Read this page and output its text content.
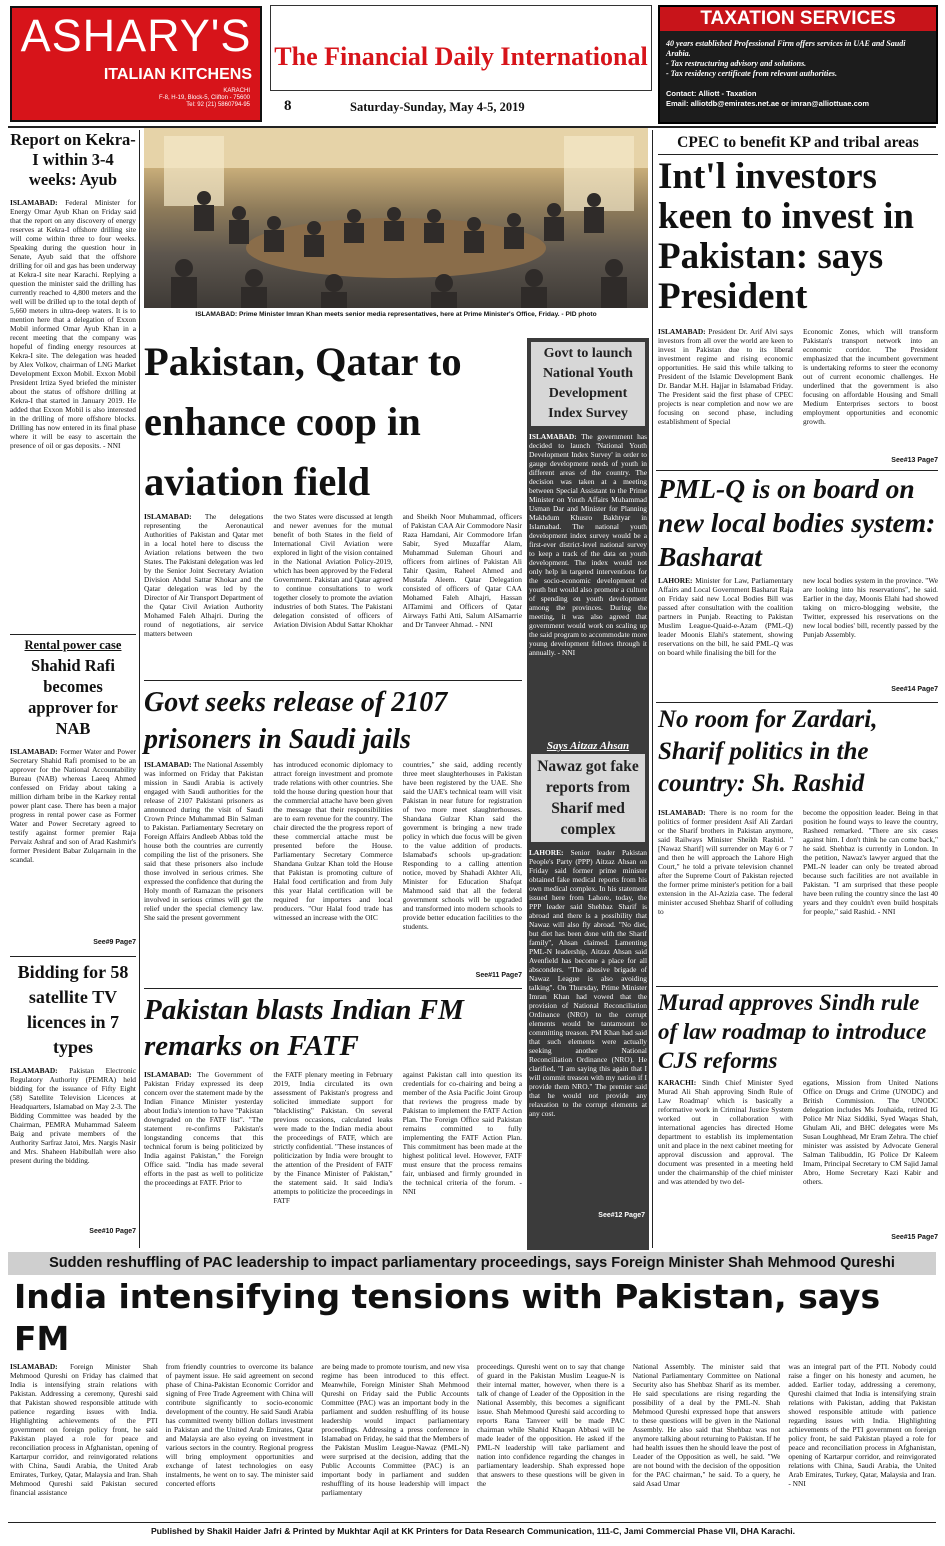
ASHARY'S
ITALIAN KITCHENS
KARACHI
F-8, H-19, Block-5, Clifton - 75600
Tel: 92 (21) 5860794-95
The Financial Daily International
8	Saturday-Sunday, May 4-5, 2019
TAXATION SERVICES
40 years established Professional Firm offers services in UAE and Saudi Arabia.
- Tax restructuring advisory and solutions.
- Tax residency certificate from relevant authorities.
Contact: Alliott - Taxation
Email: alliotdb@emirates.net.ae or imran@alliottuae.com
Report on Kekra-I within 3-4 weeks: Ayub
ISLAMABAD: Federal Minister for Energy Omar Ayub Khan on Friday said that the report on any discovery of energy reserves at Kekra-I offshore drilling site will come within three to four weeks. Speaking during the question hour in Senate, Ayub said that the offshore drilling for oil and gas has been underway at Kekra-I site near Karachi. Replying a question the minister said the drilling has currently reached to 4,800 meters and the well will be drilled up to the total depth of 5,660 meters in ultra-deep waters. It is to mention here that a delegation of Exxon Mobil informed Omar Ayub Khan in a recent meeting that the company was hopeful of finding energy resources at Kekra-I site. The delegation was headed by Alex Volkov, chairman of LNG Market Development Exxon Mobil. Exxon Mobil President Irtiza Syed briefed the minister about the status of offshore drilling at Kekra-I that started in January 2019. He added that Exxon Mobil is also interested in the drilling of more offshore blocks. Drilling has now entered in its final phase where it will be easy to ascertain the presence of oil or gas deposits. - NNI
Rental power case
Shahid Rafi becomes approver for NAB
ISLAMABAD: Former Water and Power Secretary Shahid Rafi promised to be an approver for the National Accountability Bureau (NAB) whereas Laeeq Ahmed confessed on Friday about taking a million dirham bribe in the Karkey rental power plant case. There has been a major progress in rental power case as Former Water and Power Secretary agreed to testify against former premier Raja Pervaiz Ashraf and son of Arad Kashmir's former President Babar Zulqarnain in the scandal.
See#9 Page7
Bidding for 58 satellite TV licences in 7 types
ISLAMABAD: Pakistan Electronic Regulatory Authority (PEMRA) held bidding for the issuance of Fifty Eight (58) Satellite Television Licences at Headquarters, Islamabad on May 2-3. The Bidding Committee was headed by the Chairman, PEMRA Muhammad Saleem Baig and private members of the Authority Sarfraz Jatoi, Mrs. Nargis Nasir and Mrs. Shaheen Habibullah were also present during the bidding.
See#10 Page7
ISLAMABAD: Prime Minister Imran Khan meets senior media representatives, here at Prime Minister's Office, Friday. - PID photo
Pakistan, Qatar to enhance coop in aviation field
ISLAMABAD: The delegations representing the Aeronautical Authorities of Pakistan and Qatar met in a local hotel here to discuss the Aviation relations between the two States. The Pakistani delegation was led by the Senior Joint Secretary Aviation Division Abdul Sattar Khokar and the Qatar delegation was led by the Director of Air Transport Department of the Qatar Civil Aviation Authority Mohamed Faleh Alhajri. During the round of negotiations, air service matters between
the two States were discussed at length and newer avenues for the mutual benefit of both States in the field of International Civil Aviation were explored in light of the vision contained in the National Aviation Policy-2019, which has been approved by the Federal Government. Pakistan and Qatar agreed to continue consultations to work together closely to promote the aviation industries of both States. The Pakistani delegation consisted of officers of Aviation Division Abdul Sattar Khokhar
and Sheikh Noor Muhammad, officers of Pakistan CAA Air Commodore Nasir Raza Hamdani, Air Commodore Irfan Sabir, Syed Muzaffar Alam, Muhammad Suleman Ghouri and officers from airlines of Pakistan Ali Tahir Qasim, Raheel Ahmed and Mustafa Aleem. Qatar Delegation consisted of officers of Qatar CAA Mohamed Faleh Alhajri, Hassan AlTamimi and Officers of Qatar Airways Fathi Atti, Salum AlSamarrie and Dr Tanveer Ahmad. - NNI
Govt seeks release of 2107 prisoners in Saudi jails
ISLAMABAD: The National Assembly was informed on Friday that Pakistan mission in Saudi Arabia is actively engaged with Saudi authorities for the release of 2107 Pakistani prisoners as announced during the visit of Saudi Crown Prince Muhammad Bin Salman to Pakistan. Parliamentary Secretary on Foreign Affairs Andleeb Abbas told the house both the countries are currently compiling the list of the prisoners. She said that these prisoners also include those involved in serious crimes. She expressed the confidence that during the Holy month of Ramazan the prisoners involved in serious crimes will get the relief under the special clemency law. She said the present government
has introduced economic diplomacy to attract foreign investment and promote trade relations with other countries. She told the house during question hour that the commercial attache have been given the message that their responsibilities are to earn revenue for the country. The chair directed the the progress report of these commercial attache must be presented before the House. Parliamentary Secretary Commerce Shandana Gulzar Khan told the House that Pakistan is promoting culture of Halal food certification and from July this year Halal certification will be required for importers and local producers. "Our Halal food trade has witnessed an increase with the OIC
countries," she said, adding recently three meet slaughterhouses in Pakistan have been registered by the UAE. She said the UAE's technical team will visit Pakistan in near future for registration of two more meet slaughterhouses. Shandana Gulzar Khan said the government is bringing a new trade policy in which due focus will be given to the value addition of products. Islamabad's schools up-gradation: Responding to a calling attention notice, moved by Shahadi Akhter Ali, Minister for Education Shafqat Mahmood said that all the federal government schools will be upgraded and transformed into modern schools to provide better education facilities to the students.
See#11 Page7
Pakistan blasts Indian FM remarks on FATF
ISLAMABAD: The Government of Pakistan Friday expressed its deep concern over the statement made by the Indian Finance Minister yesterday about India's intention to have "Pakistan downgraded on the FATF list". "The statement re-confirms Pakistan's longstanding concerns that this technical forum is being politicized by India against Pakistan," the Foreign Office said. "India has made several efforts in the past as well to politicize the proceedings at FATF. Prior to
the FATF plenary meeting in February 2019, India circulated its own assessment of Pakistan's progress and solicited immediate support for "blacklisting" Pakistan. On several previous occasions, calculated leaks were made to the Indian media about the proceedings of FATF, which are strictly confidential. "These instances of politicization by India were brought to the attention of the President of FATF by the Finance Minister of Pakistan," the statement said. It said India's attempts to politicize the proceedings in FATF
against Pakistan call into question its credentials for co-chairing and being a member of the Asia Pacific Joint Group that reviews the progress made by Pakistan to implement the FATF Action Plan. The Foreign Office said Pakistan remains committed to fully implementing the FATF Action Plan. This commitment has been made at the highest political level. However, FATF must ensure that the process remains fair, unbiased and firmly grounded in the technical criteria of the forum. - NNI
Govt to launch National Youth Development Index Survey
ISLAMABAD: The government has decided to launch 'National Youth Development Index Survey' in order to gauge development needs of youth in different areas of the country. The decision was taken at a meeting between Special Assistant to the Prime Minister on Youth Affairs Muhammad Usman Dar and Minister for Planning Makhdum Khusro Bakhtyar in Islamabad. The national youth development index survey would be a first-ever district-level national survey to keep a track of the data on youth development. The index would not only help in targeted interventions for the socio-economic development of youth but would also promote a culture of spending on youth development among the provinces. During the meeting, it was also agreed that government would work on scaling up the said program to accommodate more young development fellows through it annually. - NNI
Says Aitzaz Ahsan
Nawaz got fake reports from Sharif med complex
LAHORE: Senior leader Pakistan People's Party (PPP) Aitzaz Ahsan on Friday said former prime minister obtained fake medical reports from his own medical complex. In his statement issued here from Lahore, today, the PPP leader said Shehbaz Sharif is abroad and there is a possibility that Nawaz will also fly abroad. "No diet, but diet has been done with the Sharif family", Ahsan claimed. Lamenting PML-N leadership, Aitzaz Ahsan said Avenfield has become a place for all absconders. "The abusive brigade of Nawaz League is also avoiding talking". On Thursday, Prime Minister Imran Khan had vowed that the provision of National Reconciliation Ordinance (NRO) to the corrupt elements would be tantamount to committing treason. PM Khan had said that such elements were actually seeking another National Reconciliation Ordinance (NRO). He clarified, "I am saying this again that I will commit treason with my nation if I provide them NRO." The premier said that he would not provide any relaxation to the corrupt elements at any cost.
See#12 Page7
CPEC to benefit KP and tribal areas
Int'l investors keen to invest in Pakistan: says President
ISLAMABAD: President Dr. Arif Alvi says investors from all over the world are keen to invest in Pakistan due to its liberal investment regime and rising economic opportunities. He said this while talking to President of the Islamic Development Bank Dr. Bandar M.H. Hajjar in Islamabad Friday. The President said the first phase of CPEC projects is near completion and now we are focusing on second phase, including establishment of Special
Economic Zones, which will transform Pakistan's transport network into an economic corridor. The President emphasized that the incumbent government is undertaking reforms to steer the economy out of current economic challenges. He underlined that the government is also focusing on affordable Housing and Small Medium Enterprises sectors to boost employment opportunities and economic growth.
See#13 Page7
PML-Q is on board on new local bodies system: Basharat
LAHORE: Minister for Law, Parliamentary Affairs and Local Government Basharat Raja on Friday said new Local Bodies Bill was passed after consultation with the coalition partners in Punjab. Reacting to Pakistan Muslim League-Quaid-e-Azam (PML-Q) leader Moonis Elahi's statement, showing reservations on the bill, he said PML-Q was on board while finalising the bill for the
new local bodies system in the province. "We are looking into his reservations", he said. Earlier in the day, Moonis Elahi had showed taking on micro-blogging website, the Twitter, expressed his reservations on the new local bodies' bill, recently passed by the Punjab Assembly.
See#14 Page7
No room for Zardari, Sharif politics in the country: Sh. Rashid
ISLAMABAD: There is no room for the politics of former president Asif Ali Zardari or the Sharif brothers in Pakistan anymore, said Railways Minister Sheikh Rashid. "[Nawaz Sharif] will surrender on May 6 or 7 and then he will approach the Lahore High Court," he told a private television channel after the Supreme Court of Pakistan rejected the former prime minister's petition for a bail extension in the Al-Azizia case. The federal minister accused Shehbaz Sharif of colluding to
become the opposition leader. Being in that position he found ways to leave the country, Rasheed remarked. "There are six cases against him. I don't think he can come back," he said. Shehbaz is currently in London. In the petition, Nawaz's lawyer argued that the PML-N leader can only be treated abroad because such facilities are not available in Pakistan. "I am surprised that these people have been ruling the country since the last 40 years and they couldn't even build hospitals for people," said Rashid. - NNI
Murad approves Sindh rule of law roadmap to introduce CJS reforms
KARACHI: Sindh Chief Minister Syed Murad Ali Shah approving Sindh Rule of Law Roadmap' which is basically a reformative work in Criminal Justice System worked out in collaboration with international agencies has directed Home department to establish its implementation unit and place in the next cabinet meeting for approval discussion and approval. The document was presented in a meeting held under the chairmanship of the chief minister and was attended by two del-
egations, Mission from United Nations Office on Drugs and Crime (UNODC) and British Commission. The UNODC delegation includes Ms Jouhaida, retired IG Police Mr Niaz Siddiki, Syed Waqas Shah, Ghulam Ali, and BHC delegates were Ms Susan Loughhead, Mr Eram Zehra. The chief minister was assisted by Advocate General Salman Talibuddin, IG Police Dr Kaleem Imam, Principal Secretary to CM Sajid Jamal Abro, Home Secretary Kazi Kabir and others.
See#15 Page7
Sudden reshuffling of PAC leadership to impact parliamentary proceedings, says Foreign Minister Shah Mehmood Qureshi
India intensifying tensions with Pakistan, says FM
ISLAMABAD: Foreign Minister Shah Mehmood Qureshi on Friday has claimed that India is intensifying strain relations with Pakistan. Addressing a ceremony, Qureshi said that Pakistan showed responsible attitude with patience regarding issues with India. Highlighting achievements of the PTI government on foreign policy front, he said Pakistan played a role for peace and reconciliation process in Afghanistan, opening of Kartarpur corridor, and reinvigorated relations with China, Saudi Arabia, the United Arab Emirates, Turkey, Qatar, Malaysia and Iran. Shah Mehmood Qureshi said Pakistan secured financial assistance
from friendly countries to overcome its balance of payment issue. He said agreement on second phase of China-Pakistan Economic Corridor and signing of Free Trade Agreement with China will contribute significantly to socio-economic development of the country. He said Saudi Arabia has committed twenty billion dollars investment in Pakistan and the United Arab Emirates, Qatar and Malaysia are also eyeing on investment in various sectors in the country. Regional progress will bring employment opportunities and exchange of latest technologies on easy instalments, he went on to say. The minister said concerted efforts
are being made to promote tourism, and new visa regime has been introduced to this effect. Meanwhile, Foreign Minister Shah Mehmood Qureshi on Friday said the Public Accounts Committee (PAC) was an important body in the parliament and sudden reshuffling of its house leadership would impact parliamentary proceedings. Addressing a press conference in Islamabad on Friday, he said that the Members of the Pakistan Muslim League-Nawaz (PML-N) were surprised at the decision, adding that the Public Accounts Committee (PAC) is an important body in parliament and sudden reshuffling of its house leadership will impact parliamentary
proceedings. Qureshi went on to say that change of guard in the Pakistan Muslim League-N is their internal matter, however, when there is a talk of change of Leader of the Opposition in the National Assembly, this becomes a significant issue. Shah Mehmood Qureshi said according to reports Rana Tanveer will be made PAC chairman while Shahid Khaqan Abbasi will be made leader of the opposition. He asked if the PML-N leadership will take parliament and nation into confidence regarding the changes in parliamentary leadership. Shah expressed hope that answers to these questions will be given in the
National Assembly. The minister said that National Parliamentary Committee on National Security also has Shehbaz Sharif as its member. He said speculations are rising regarding the possibility of a deal by the PML-N. Shah Mehmood Qureshi expressed hope that answers to these questions will be given in the National Assembly. He also said that Shehbaz was not anymore talking about returning to Pakistan. If he had health issues then he should leave the post of Leader of the Opposition as well, he said. "We are not bound with the decision of the opposition for the PAC chairman," he said. To a query, he said Asad Umar
was an integral part of the PTI. Nobody could raise a finger on his honesty and acumen, he added. Earlier today, addressing a ceremony, Qureshi claimed that India is intensifying strain relations with Pakistan, adding that Pakistan showed responsible attitude with patience regarding issues with India. Highlighting achievements of the PTI government on foreign policy front, he said Pakistan played a role for peace and reconciliation process in Afghanistan, opening of Kartarpur corridor, and reinvigorated relations with China, Saudi Arabia, the United Arab Emirates, Turkey, Qatar, Malaysia and Iran. - NNI
Published by Shakil Haider Jafri & Printed by Mukhtar Aqil at KK Printers for Data Research Communication, 111-C, Jami Commercial Phase VII, DHA Karachi.
